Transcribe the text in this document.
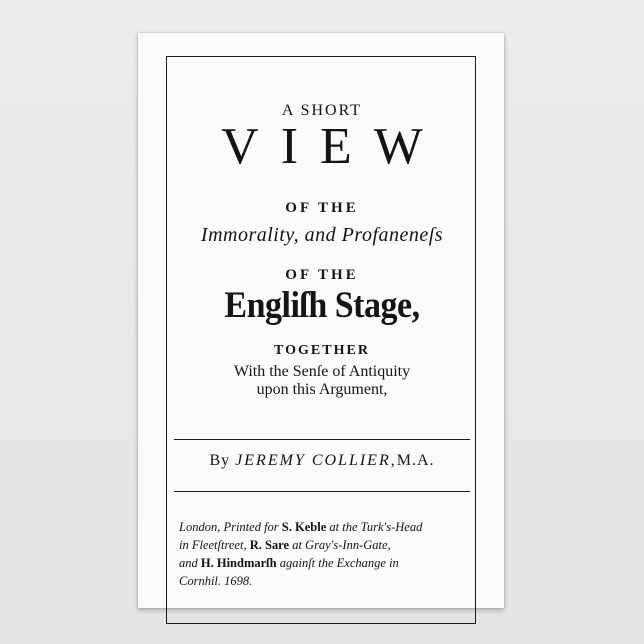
A SHORT
VIEW
OF THE
Immorality, and Profaneneſs
OF THE
Engliſh Stage,
TOGETHER
With the Senſe of Antiquity
upon this Argument,
By JEREMY COLLIER,M.A.
London, Printed for S. Keble at the Turk's-Head
in Fleetſtreet, R. Sare at Gray's-Inn-Gate,
and H. Hindmarſh againſt the Exchange in
Cornhil. 1698.
